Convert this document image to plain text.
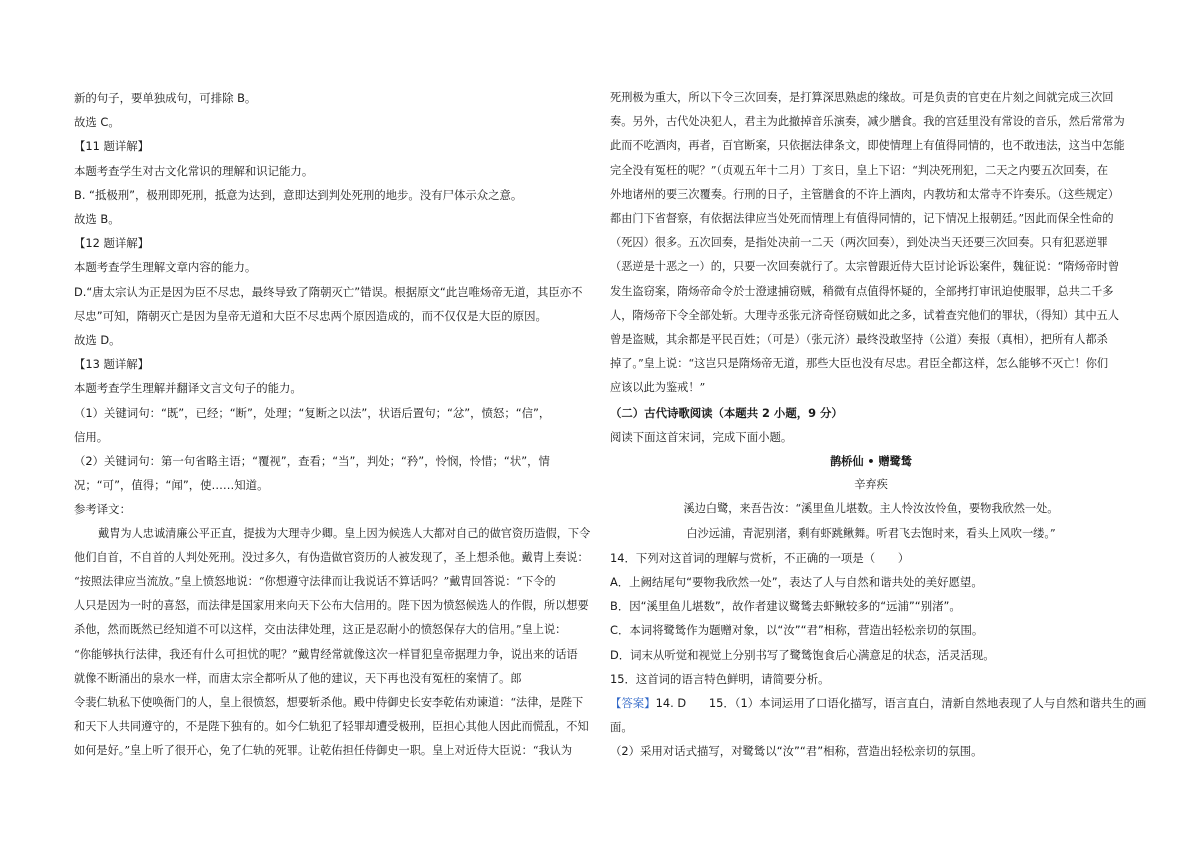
新的句子，要单独成句，可排除 B。
故选 C。
【11 题详解】
本题考查学生对古文化常识的理解和识记能力。
B. “抵极刑”，极刑即死刑，抵意为达到，意即达到判处死刑的地步。没有尸体示众之意。
故选 B。
【12 题详解】
本题考查学生理解文章内容的能力。
D.“唐太宗认为正是因为臣不尽忠，最终导致了隋朝灭亡”错误。根据原文“此岂唯炀帝无道，其臣亦不
尽忠”可知，隋朝灭亡是因为皇帝无道和大臣不尽忠两个原因造成的，而不仅仅是大臣的原因。
故选 D。
【13 题详解】
本题考查学生理解并翻译文言文句子的能力。
（1）关键词句：“既”，已经；“断”，处理；“复断之以法”，状语后置句；“忿”，愤怒；“信”，
信用。
（2）关键词句：第一句省略主语；“覆视”，查看；“当”，判处；“矜”，怜悯，怜惜；“状”，情
况；“可”，值得；“闻”，使……知道。
参考译文：
戴胄为人忠诚清廉公平正直，提拔为大理寺少卿。皇上因为候选人大都对自己的做官资历造假，下令
他们自首，不自首的人判处死刑。没过多久，有伪造做官资历的人被发现了，圣上想杀他。戴胄上奏说：
“按照法律应当流放。”皇上愤怒地说：“你想遵守法律而让我说话不算话吗？”戴胄回答说：“下令的
人只是因为一时的喜怒，而法律是国家用来向天下公布大信用的。陛下因为愤怒候选人的作假，所以想要
杀他，然而既然已经知道不可以这样，交由法律处理，这正是忍耐小的愤怒保存大的信用。”皇上说：
“你能够执行法律，我还有什么可担忧的呢？”戴胄经常就像这次一样冒犯皇帝据理力争，说出来的话语
就像不断涌出的泉水一样，而唐太宗全都听从了他的建议，天下再也没有冤枉的案情了。郎
令裴仁轨私下使唤衙门的人，皇上很愤怒，想要斩杀他。殿中侍御史长安李乾佑劝谏道：“法律，是陛下
和天下人共同遵守的，不是陛下独有的。如今仁轨犯了轻罪却遭受极刑，臣担心其他人因此而慌乱，不知
如何是好。”皇上听了很开心，免了仁轨的死罪。让乾佑担任侍御史一职。皇上对近侍大臣说：“我认为
死刑极为重大，所以下令三次回奏，是打算深思熟虑的缘故。可是负责的官吏在片刻之间就完成三次回
奏。另外，古代处决犯人，君主为此撤掉音乐演奏，减少膳食。我的宫廷里没有常设的音乐，然后常常为
此而不吃酒肉，再者，百官断案，只依据法律条文，即使情理上有值得同情的，也不敢违法，这当中怎能
完全没有冤枉的呢？”（贞观五年十二月）丁亥日，皇上下诏：“判决死刑犯，二天之内要五次回奏，在
外地诸州的要三次覆奏。行刑的日子，主管膳食的不许上酒肉，内教坊和太常寺不许奏乐。（这些规定）
都由门下省督察，有依据法律应当处死而情理上有值得同情的，记下情况上报朝廷。”因此而保全性命的
（死囚）很多。五次回奏，是指处决前一二天（两次回奏），到处决当天还要三次回奏。只有犯恶逆罪
（恶逆是十恶之一）的，只要一次回奏就行了。太宗曾跟近侍大臣讨论诉讼案件，魏征说：“隋炀帝时曾
发生盗窃案，隋炀帝命令於士澄逮捕窃贼，稍微有点值得怀疑的，全部拷打审讯迫使服罪，总共二千多
人，隋炀帝下令全部处斩。大理寺丞张元济奇怪窃贼如此之多，试着查究他们的罪状，（得知）其中五人
曾是盗贼，其余都是平民百姓；（可是）（张元济）最终没敢坚持（公道）奏报（真相），把所有人都杀
掉了。”皇上说：“这岂只是隋炀帝无道，那些大臣也没有尽忠。君臣全都这样，怎么能够不灭亡！你们
应该以此为鉴戒！”
（二）古代诗歌阅读（本题共 2 小题，9 分）
阅读下面这首宋词，完成下面小题。
鹊桥仙 • 赠鹭鸶
辛弃疾
溪边白鹭，来吾告汝：“溪里鱼儿堪数。主人怜汝汝怜鱼，要物我欣然一处。
白沙远浦，青泥别渚，剩有虾跳鳅舞。听君飞去饱时来，看头上风吹一缕。”
14．下列对这首词的理解与赏析，不正确的一项是（　　）
A．上阙结尾句“要物我欣然一处”，表达了人与自然和谐共处的美好愿望。
B．因“溪里鱼儿堪数”，故作者建议鹭鸶去虾鳅较多的“远浦”“别渚”。
C．本词将鹭鸶作为题赠对象，以“汝”“君”相称，营造出轻松亲切的氛围。
D．词末从听觉和视觉上分别书写了鹭鸶饱食后心满意足的状态，活灵活现。
15．这首词的语言特色鲜明，请简要分析。
【答案】14. D　　15．（1）本词运用了口语化描写，语言直白，清新自然地表现了人与自然和谐共生的画
面。
（2）采用对话式描写，对鹭鸶以“汝”“君”相称，营造出轻松亲切的氛围。
